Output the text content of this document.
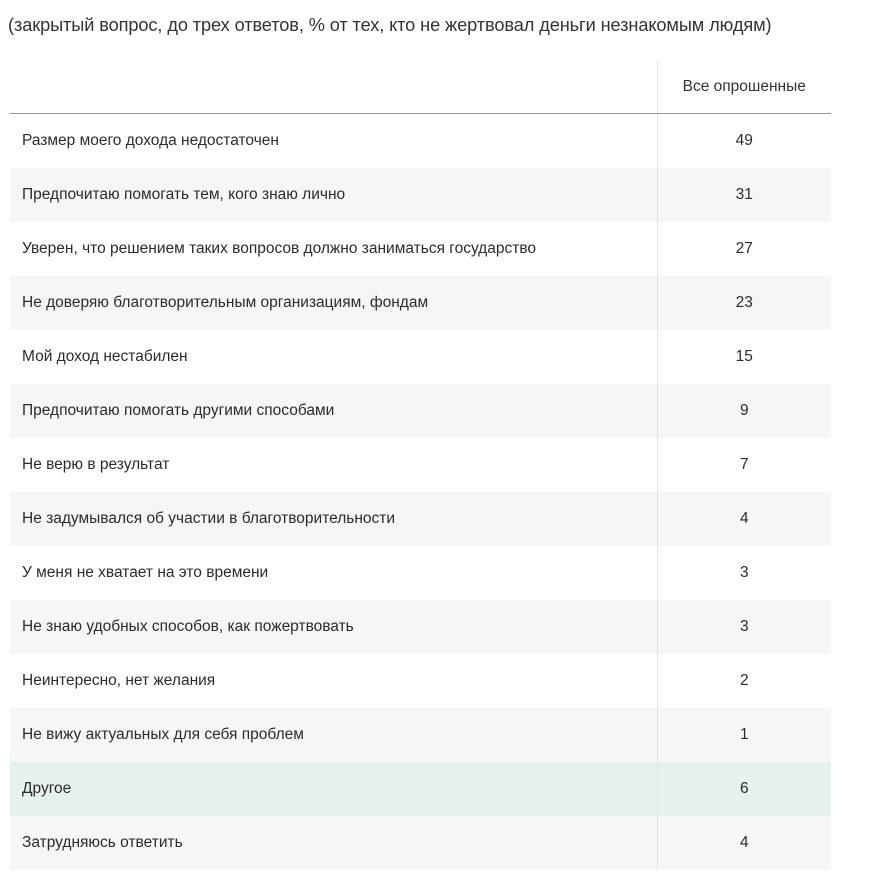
(закрытый вопрос, до трех ответов, % от тех, кто не жертвовал деньги незнакомым людям)
	Все опрошенные
Размер моего дохода недостаточен	49
Предпочитаю помогать тем, кого знаю лично	31
Уверен, что решением таких вопросов должно заниматься государство	27
Не доверяю благотворительным организациям, фондам	23
Мой доход нестабилен	15
Предпочитаю помогать другими способами	9
Не верю в результат	7
Не задумывался об участии в благотворительности	4
У меня не хватает на это времени	3
Не знаю удобных способов, как пожертвовать	3
Неинтересно, нет желания	2
Не вижу актуальных для себя проблем	1
Другое	6
Затрудняюсь ответить	4
